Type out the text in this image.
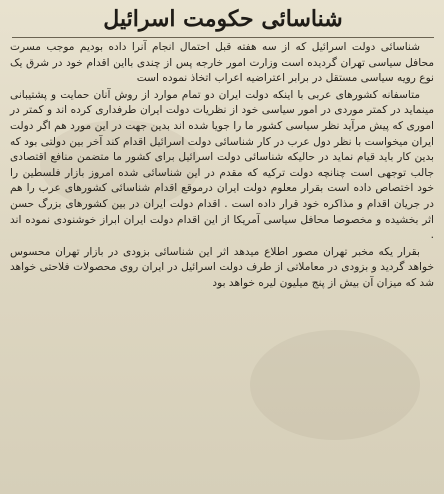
شناسائی حکومت اسرائیل

شناسائی دولت اسرائیل که از سه هفته قبل احتمال انجام آنرا داده بودیم موجب مسرت محافل سیاسی تهران گردیده است وزارت امور خارجه پس از چندی بااین اقدام خود در شرق یک نوع رویه سیاسی مستقل در برابر اعتراضیه اعراب اتخاذ نموده است

متاسفانه کشورهای عربی با اینکه دولت ایران دو تمام موارد از روش آنان حمایت و پشتیبانی مینماید در کمتر موردی در امور سیاسی خود از نظریات دولت ایران طرفداری کرده اند و کمتر در اموری که پیش مرآید نظر سیاسی کشور ما را جویا شده اند بدین جهت در این مورد هم اگر دولت ایران میخواست با نظر دول عرب در کار شناسائی دولت اسرائیل اقدام کند آخر بین دولتی بود که بدین کار باید قیام نماید در حالیکه شناسائی دولت اسرائیل برای کشور ما متضمن منافع اقتصادی جالب توجهی است چنانچه دولت ترکیه که مقدم در این شناسائی شده امروز بازار فلسطین را خود اختصاص داده است بقرار معلوم دولت ایران درموقع اقدام شناسائی کشورهای عرب را هم در جریان اقدام و مذاکره خود قرار داده است . اقدام دولت ایران در بین کشورهای بزرگ حسن اثر بخشیده و مخصوصا محافل سیاسی آمریکا از این اقدام دولت ایران ابراز خوشنودی نموده اند .

بقرار یکه مخبر تهران مصور اطلاع میدهد اثر این شناسائی بزودی در بازار تهران محسوس خواهد گردید و بزودی در معاملاتی از طرف دولت اسرائیل در ایران روی محصولات فلاحتی خواهد شد که میزان آن بیش از پنج میلیون لیره خواهد بود
